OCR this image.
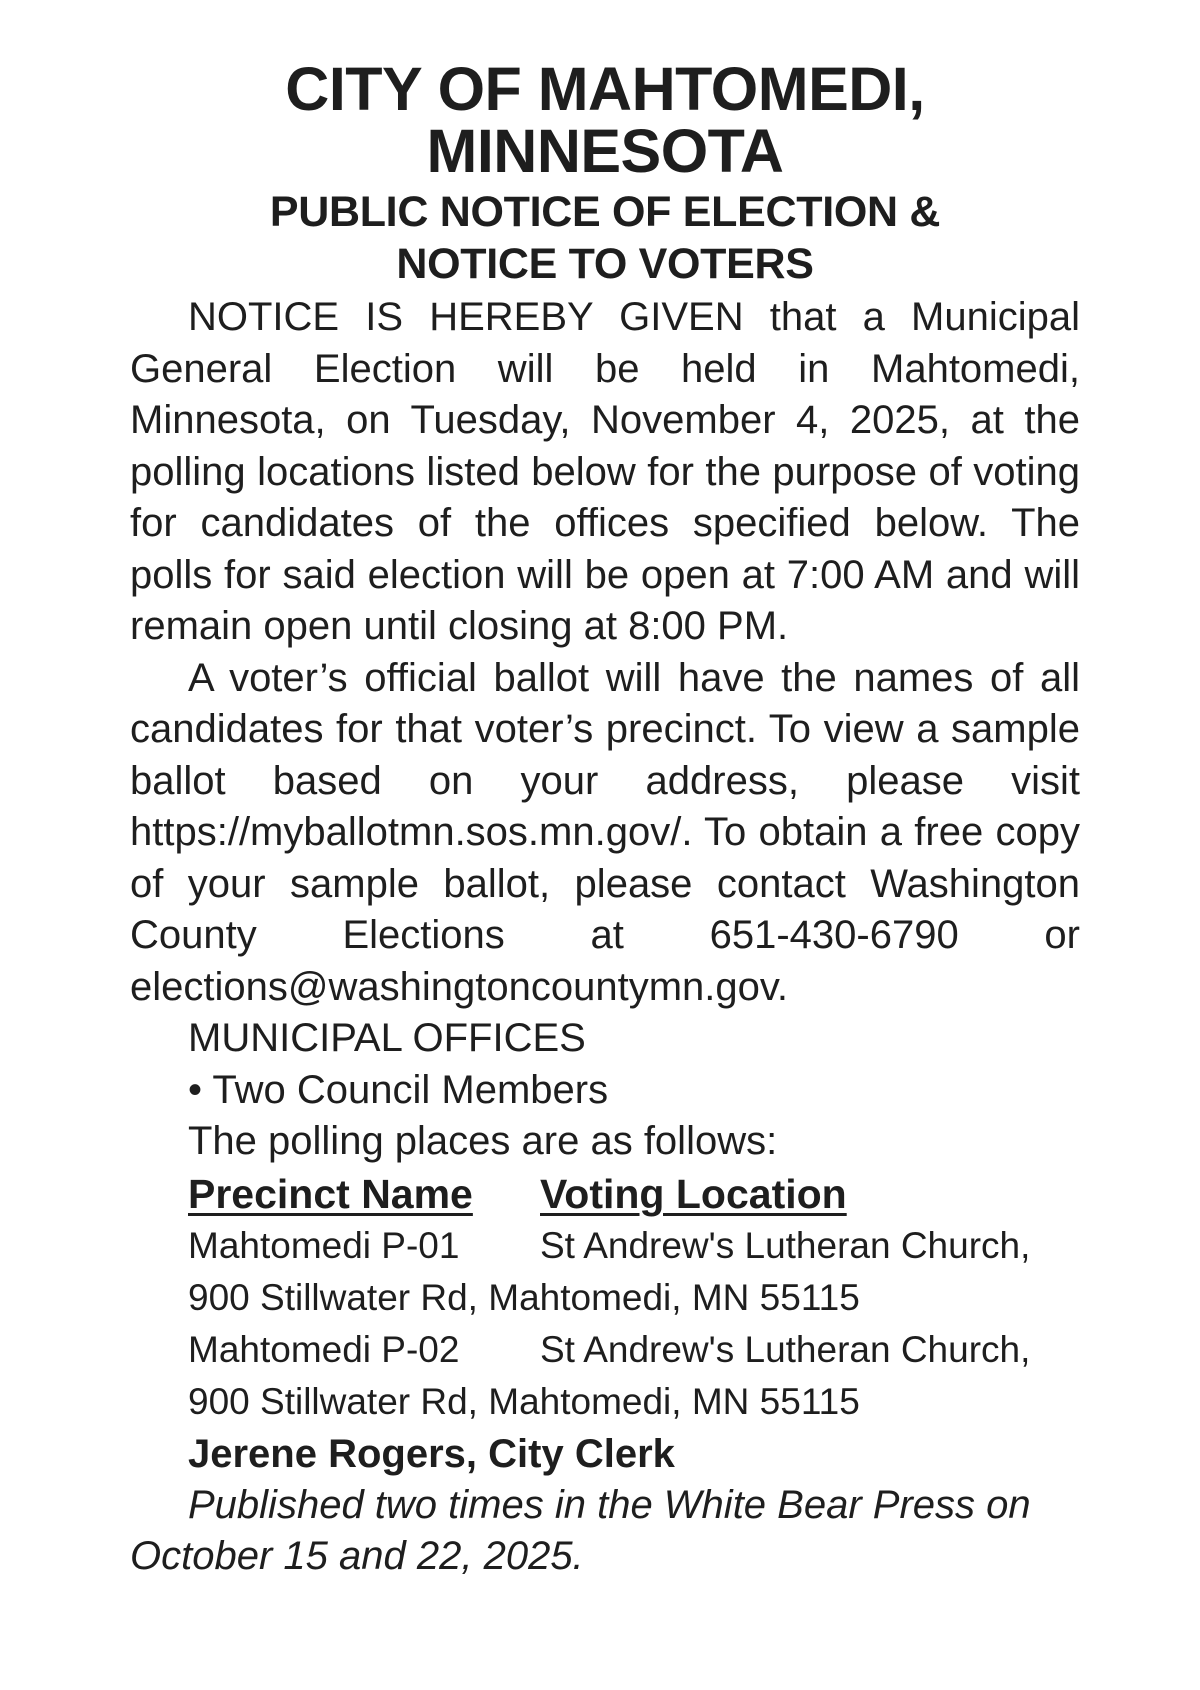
CITY OF MAHTOMEDI,
MINNESOTA
PUBLIC NOTICE OF ELECTION &
NOTICE TO VOTERS

NOTICE IS HEREBY GIVEN that a Municipal General Election will be held in Mahtomedi, Minnesota, on Tuesday, November 4, 2025, at the polling locations listed below for the purpose of voting for candidates of the offices specified below. The polls for said election will be open at 7:00 AM and will remain open until closing at 8:00 PM.

A voter’s official ballot will have the names of all candidates for that voter’s precinct. To view a sample ballot based on your address, please visit https://myballotmn.sos.mn.gov/. To obtain a free copy of your sample ballot, please contact Washington County Elections at 651-430-6790 or elections@washingtoncountymn.gov.

MUNICIPAL OFFICES

• Two Council Members

The polling places are as follows:

Precinct Name	Voting Location
Mahtomedi P-01	St Andrew's Lutheran Church,
900 Stillwater Rd, Mahtomedi, MN 55115
Mahtomedi P-02	St Andrew's Lutheran Church,
900 Stillwater Rd, Mahtomedi, MN 55115

Jerene Rogers, City Clerk

Published two times in the White Bear Press on October 15 and 22, 2025.
